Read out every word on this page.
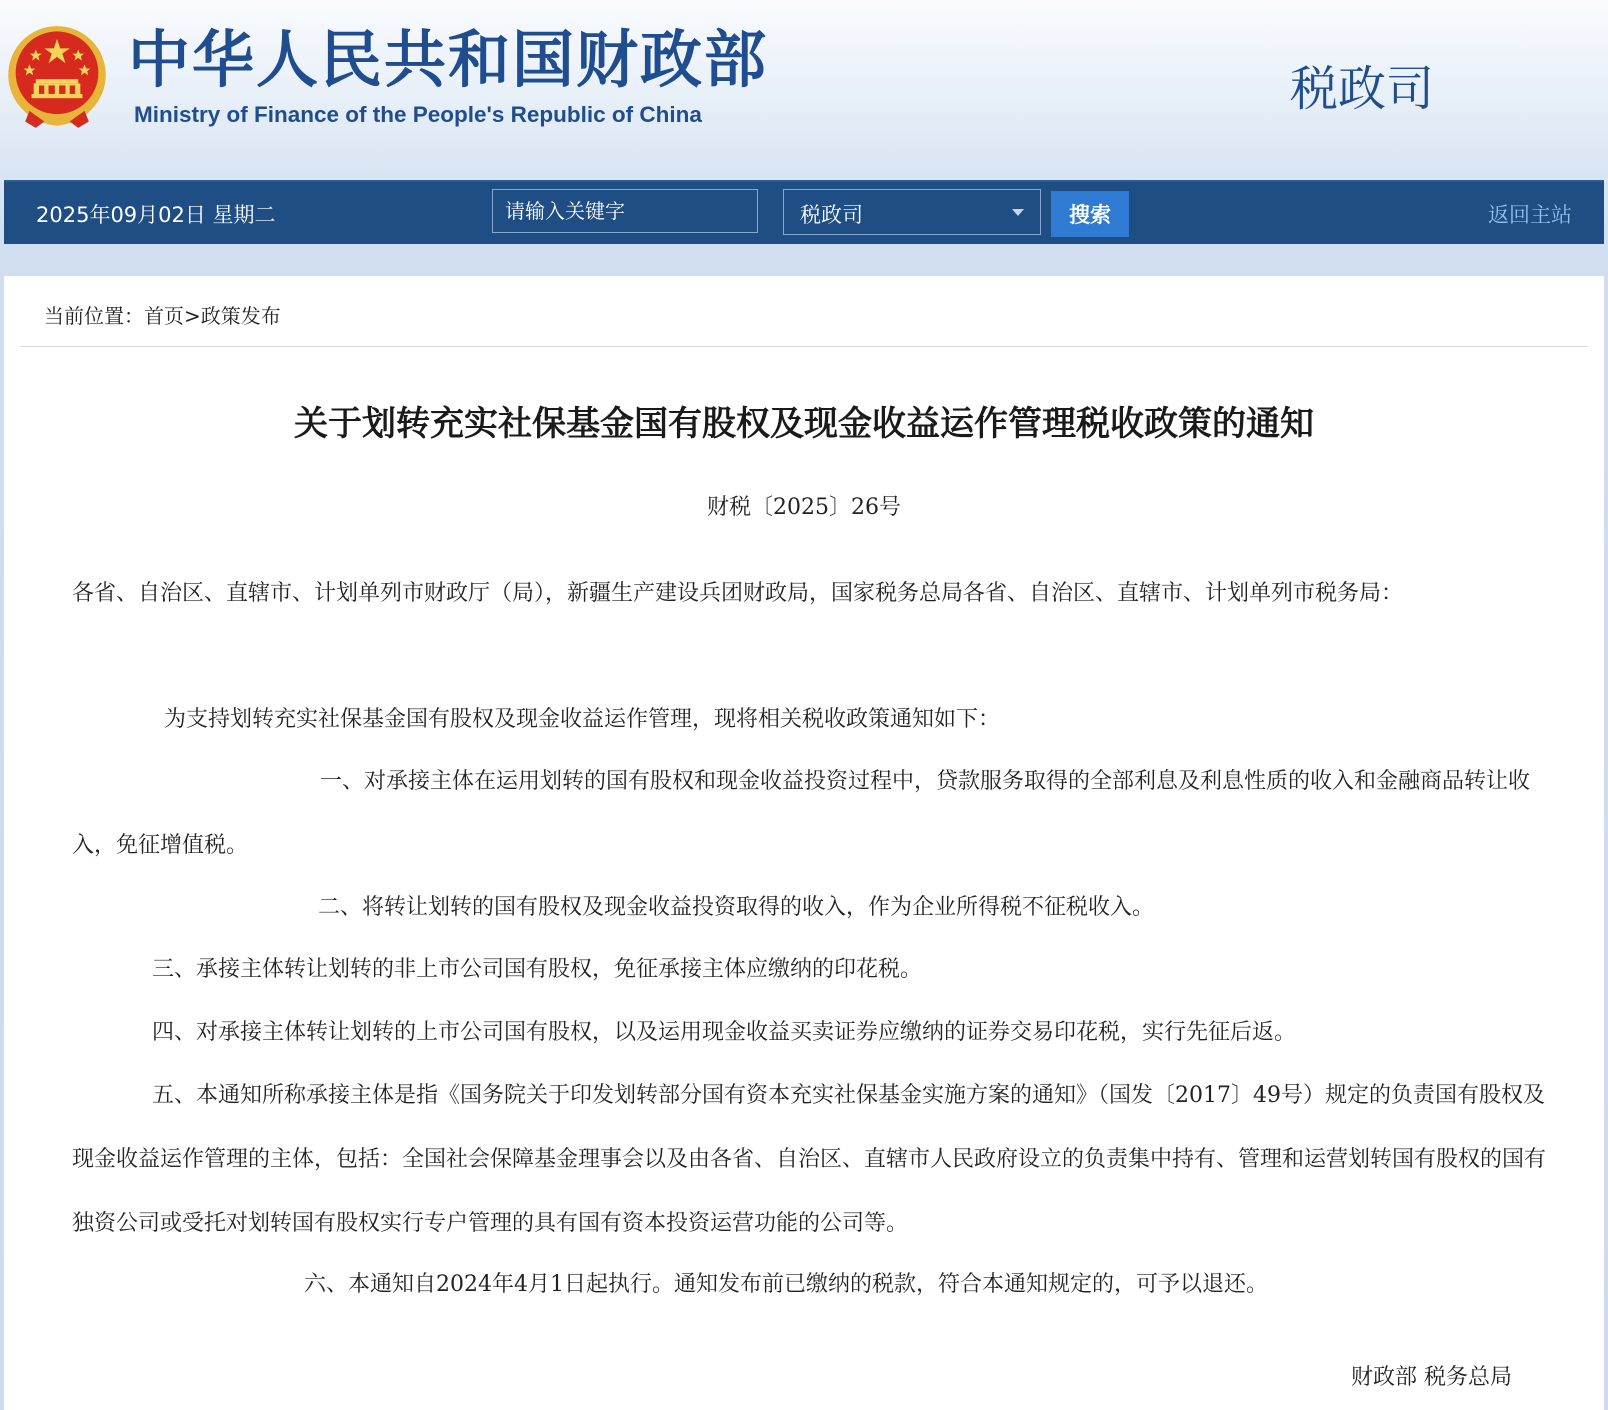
中华人民共和国财政部
Ministry of Finance of the People's Republic of China	税政司
2025年09月02日 星期二
请输入关键字	税政司	搜索	返回主站
当前位置：首页>政策发布
关于划转充实社保基金国有股权及现金收益运作管理税收政策的通知
财税〔2025〕26号

各省、自治区、直辖市、计划单列市财政厅（局），新疆生产建设兵团财政局，国家税务总局各省、自治区、直辖市、计划单列市税务局：

为支持划转充实社保基金国有股权及现金收益运作管理，现将相关税收政策通知如下：

一、对承接主体在运用划转的国有股权和现金收益投资过程中，贷款服务取得的全部利息及利息性质的收入和金融商品转让收入，免征增值税。

二、将转让划转的国有股权及现金收益投资取得的收入，作为企业所得税不征税收入。

三、承接主体转让划转的非上市公司国有股权，免征承接主体应缴纳的印花税。

四、对承接主体转让划转的上市公司国有股权，以及运用现金收益买卖证券应缴纳的证券交易印花税，实行先征后返。

五、本通知所称承接主体是指《国务院关于印发划转部分国有资本充实社保基金实施方案的通知》（国发〔2017〕49号）规定的负责国有股权及现金收益运作管理的主体，包括：全国社会保障基金理事会以及由各省、自治区、直辖市人民政府设立的负责集中持有、管理和运营划转国有股权的国有独资公司或受托对划转国有股权实行专户管理的具有国有资本投资运营功能的公司等。

六、本通知自2024年4月1日起执行。通知发布前已缴纳的税款，符合本通知规定的，可予以退还。

财政部 税务总局
